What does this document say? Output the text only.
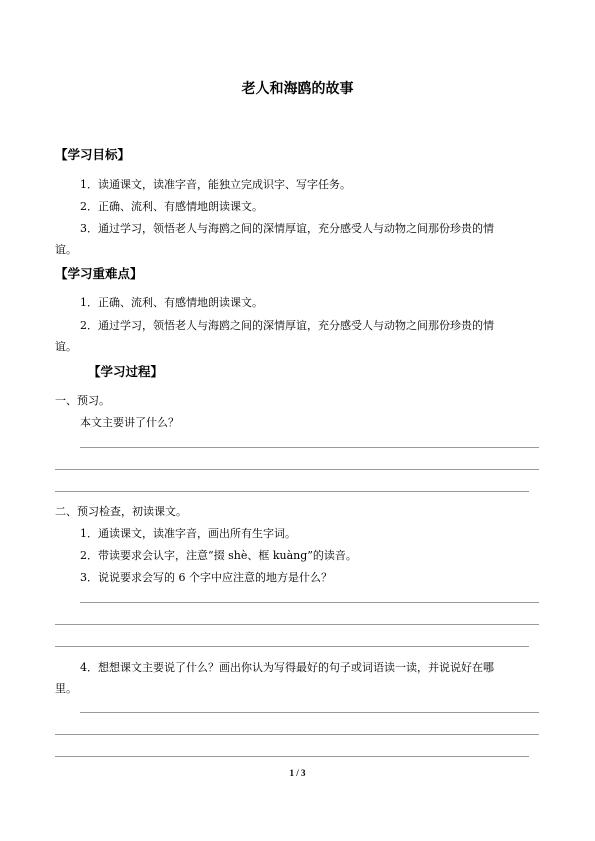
老人和海鸥的故事
【学习目标】
1．读通课文，读准字音，能独立完成识字、写字任务。
2．正确、流利、有感情地朗读课文。
3．通过学习，领悟老人与海鸥之间的深情厚谊，充分感受人与动物之间那份珍贵的情
谊。
【学习重难点】
1．正确、流利、有感情地朗读课文。
2．通过学习，领悟老人与海鸥之间的深情厚谊，充分感受人与动物之间那份珍贵的情
谊。
【学习过程】
一、预习。
本文主要讲了什么？
二、预习检查，初读课文。
1．通读课文，读准字音，画出所有生字词。
2．带读要求会认字，注意“掇 shè、框 kuàng”的读音。
3．说说要求会写的 6 个字中应注意的地方是什么？
4．想想课文主要说了什么？画出你认为写得最好的句子或词语读一读，并说说好在哪
里。
1 / 3
